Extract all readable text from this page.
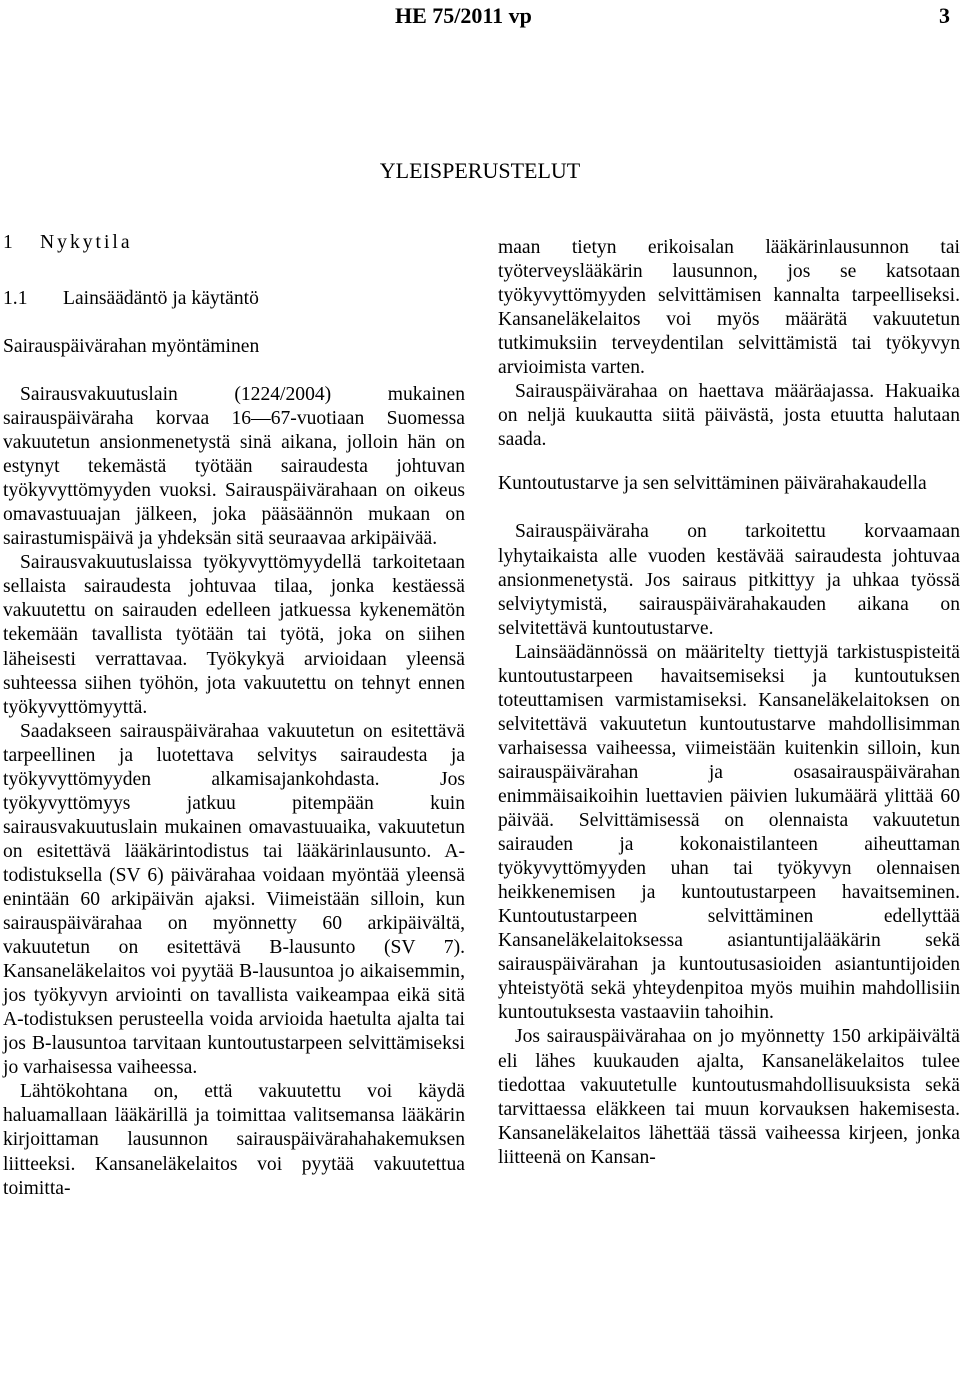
HE 75/2011 vp	3
YLEISPERUSTELUT
1 Nykytila
1.1 Lainsäädäntö ja käytäntö

Sairauspäivärahan myöntäminen

Sairausvakuutuslain (1224/2004) mukainen sairauspäiväraha korvaa 16—67-vuotiaan Suomessa vakuutetun ansionmenetystä sinä aikana, jolloin hän on estynyt tekemästä työtään sairaudesta johtuvan työkyvyttömyyden vuoksi. Sairauspäivärahaan on oikeus omavastuuajan jälkeen, joka pääsäännön mukaan on sairastumispäivä ja yhdeksän sitä seuraavaa arkipäivää.

Sairausvakuutuslaissa työkyvyttömyydellä tarkoitetaan sellaista sairaudesta johtuvaa tilaa, jonka kestäessä vakuutettu on sairauden edelleen jatkuessa kykenemätön tekemään tavallista työtään tai työtä, joka on siihen läheisesti verrattavaa. Työkykyä arvioidaan yleensä suhteessa siihen työhön, jota vakuutettu on tehnyt ennen työkyvyttömyyttä.

Saadakseen sairauspäivärahaa vakuutetun on esitettävä tarpeellinen ja luotettava selvitys sairaudesta ja työkyvyttömyyden alkamisajankohdasta. Jos työkyvyttömyys jatkuu pitempään kuin sairausvakuutuslain mukainen omavastuuaika, vakuutetun on esitettävä lääkärintodistus tai lääkärinlausunto. A-todistuksella (SV 6) päivärahaa voidaan myöntää yleensä enintään 60 arkipäivän ajaksi. Viimeistään silloin, kun sairauspäivärahaa on myönnetty 60 arkipäivältä, vakuutetun on esitettävä B-lausunto (SV 7). Kansaneläkelaitos voi pyytää B-lausuntoa jo aikaisemmin, jos työkyvyn arviointi on tavallista vaikeampaa eikä sitä A-todistuksen perusteella voida arvioida haetulta ajalta tai jos B-lausuntoa tarvitaan kuntoutustarpeen selvittämiseksi jo varhaisessa vaiheessa.

Lähtökohtana on, että vakuutettu voi käydä haluamallaan lääkärillä ja toimittaa valitsemansa lääkärin kirjoittaman lausunnon sairauspäivärahahakemuksen liitteeksi. Kansaneläkelaitos voi pyytää vakuutettua toimitta-

maan tietyn erikoisalan lääkärinlausunnon tai työterveyslääkärin lausunnon, jos se katsotaan työkyvyttömyyden selvittämisen kannalta tarpeelliseksi. Kansaneläkelaitos voi myös määrätä vakuutetun tutkimuksiin terveydentilan selvittämistä tai työkyvyn arvioimista varten.

Sairauspäivärahaa on haettava määräajassa. Hakuaika on neljä kuukautta siitä päivästä, josta etuutta halutaan saada.

Kuntoutustarve ja sen selvittäminen päivärahakaudella

Sairauspäiväraha on tarkoitettu korvaamaan lyhytaikaista alle vuoden kestävää sairaudesta johtuvaa ansionmenetystä. Jos sairaus pitkittyy ja uhkaa työssä selviytymistä, sairauspäivärahakauden aikana on selvitettävä kuntoutustarve.

Lainsäädännössä on määritelty tiettyjä tarkistuspisteitä kuntoutustarpeen havaitsemiseksi ja kuntoutuksen toteuttamisen varmistamiseksi. Kansaneläkelaitoksen on selvitettävä vakuutetun kuntoutustarve mahdollisimman varhaisessa vaiheessa, viimeistään kuitenkin silloin, kun sairauspäivärahan ja osasairauspäivärahan enimmäisaikoihin luettavien päivien lukumäärä ylittää 60 päivää. Selvittämisessä on olennaista vakuutetun sairauden ja kokonaistilanteen aiheuttaman työkyvyttömyyden uhan tai työkyvyn olennaisen heikkenemisen ja kuntoutustarpeen havaitseminen. Kuntoutustarpeen selvittäminen edellyttää Kansaneläkelaitoksessa asiantuntijalääkärin sekä sairauspäivärahan ja kuntoutusasioiden asiantuntijoiden yhteistyötä sekä yhteydenpitoa myös muihin mahdollisiin kuntoutuksesta vastaaviin tahoihin.

Jos sairauspäivärahaa on jo myönnetty 150 arkipäivältä eli lähes kuukauden ajalta, Kansaneläkelaitos tulee tiedottaa vakuutetulle kuntoutusmahdollisuuksista sekä tarvittaessa eläkkeen tai muun korvauksen hakemisesta. Kansaneläkelaitos lähettää tässä vaiheessa kirjeen, jonka liitteenä on Kansan-
